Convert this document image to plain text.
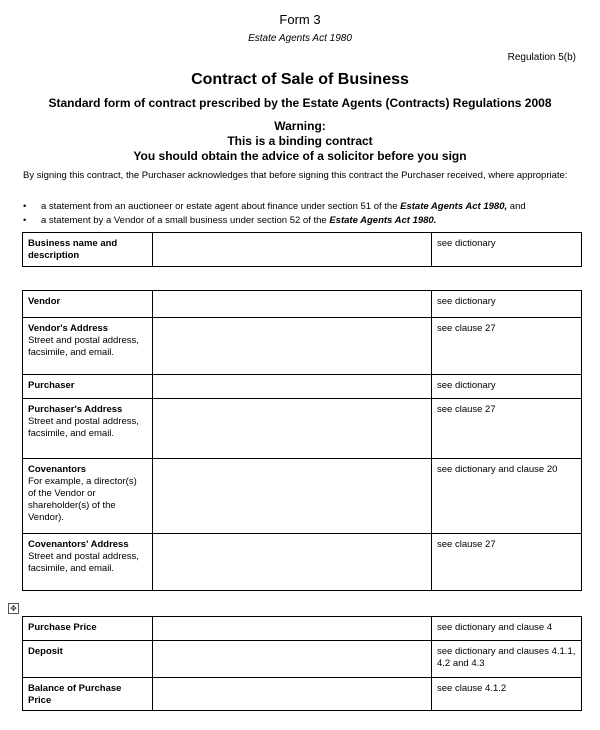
Form 3
Estate Agents Act 1980
Regulation 5(b)
Contract of Sale of Business
Standard form of contract prescribed by the Estate Agents (Contracts) Regulations 2008
Warning:
This is a binding contract
You should obtain the advice of a solicitor before you sign
By signing this contract, the Purchaser acknowledges that before signing this contract the Purchaser received, where appropriate:
• a statement from an auctioneer or estate agent about finance under section 51 of the Estate Agents Act 1980, and
• a statement by a Vendor of a small business under section 52 of the Estate Agents Act 1980.
Business name and description
		see dictionary
Vendor		see dictionary

Vendor's Address
Street and postal address, facsimile, and email.		see clause 27

Purchaser		see dictionary

Purchaser's Address
Street and postal address, facsimile, and email.		see clause 27

Covenantors
For example, a director(s) of the Vendor or shareholder(s) of the Vendor).		see dictionary and clause 20

Covenantors' Address
Street and postal address, facsimile, and email.		see clause 27
✥
Purchase Price		see dictionary and clause 4

Deposit		see dictionary and clauses 4.1.1, 4.2 and 4.3

Balance of Purchase Price		see clause 4.1.2
